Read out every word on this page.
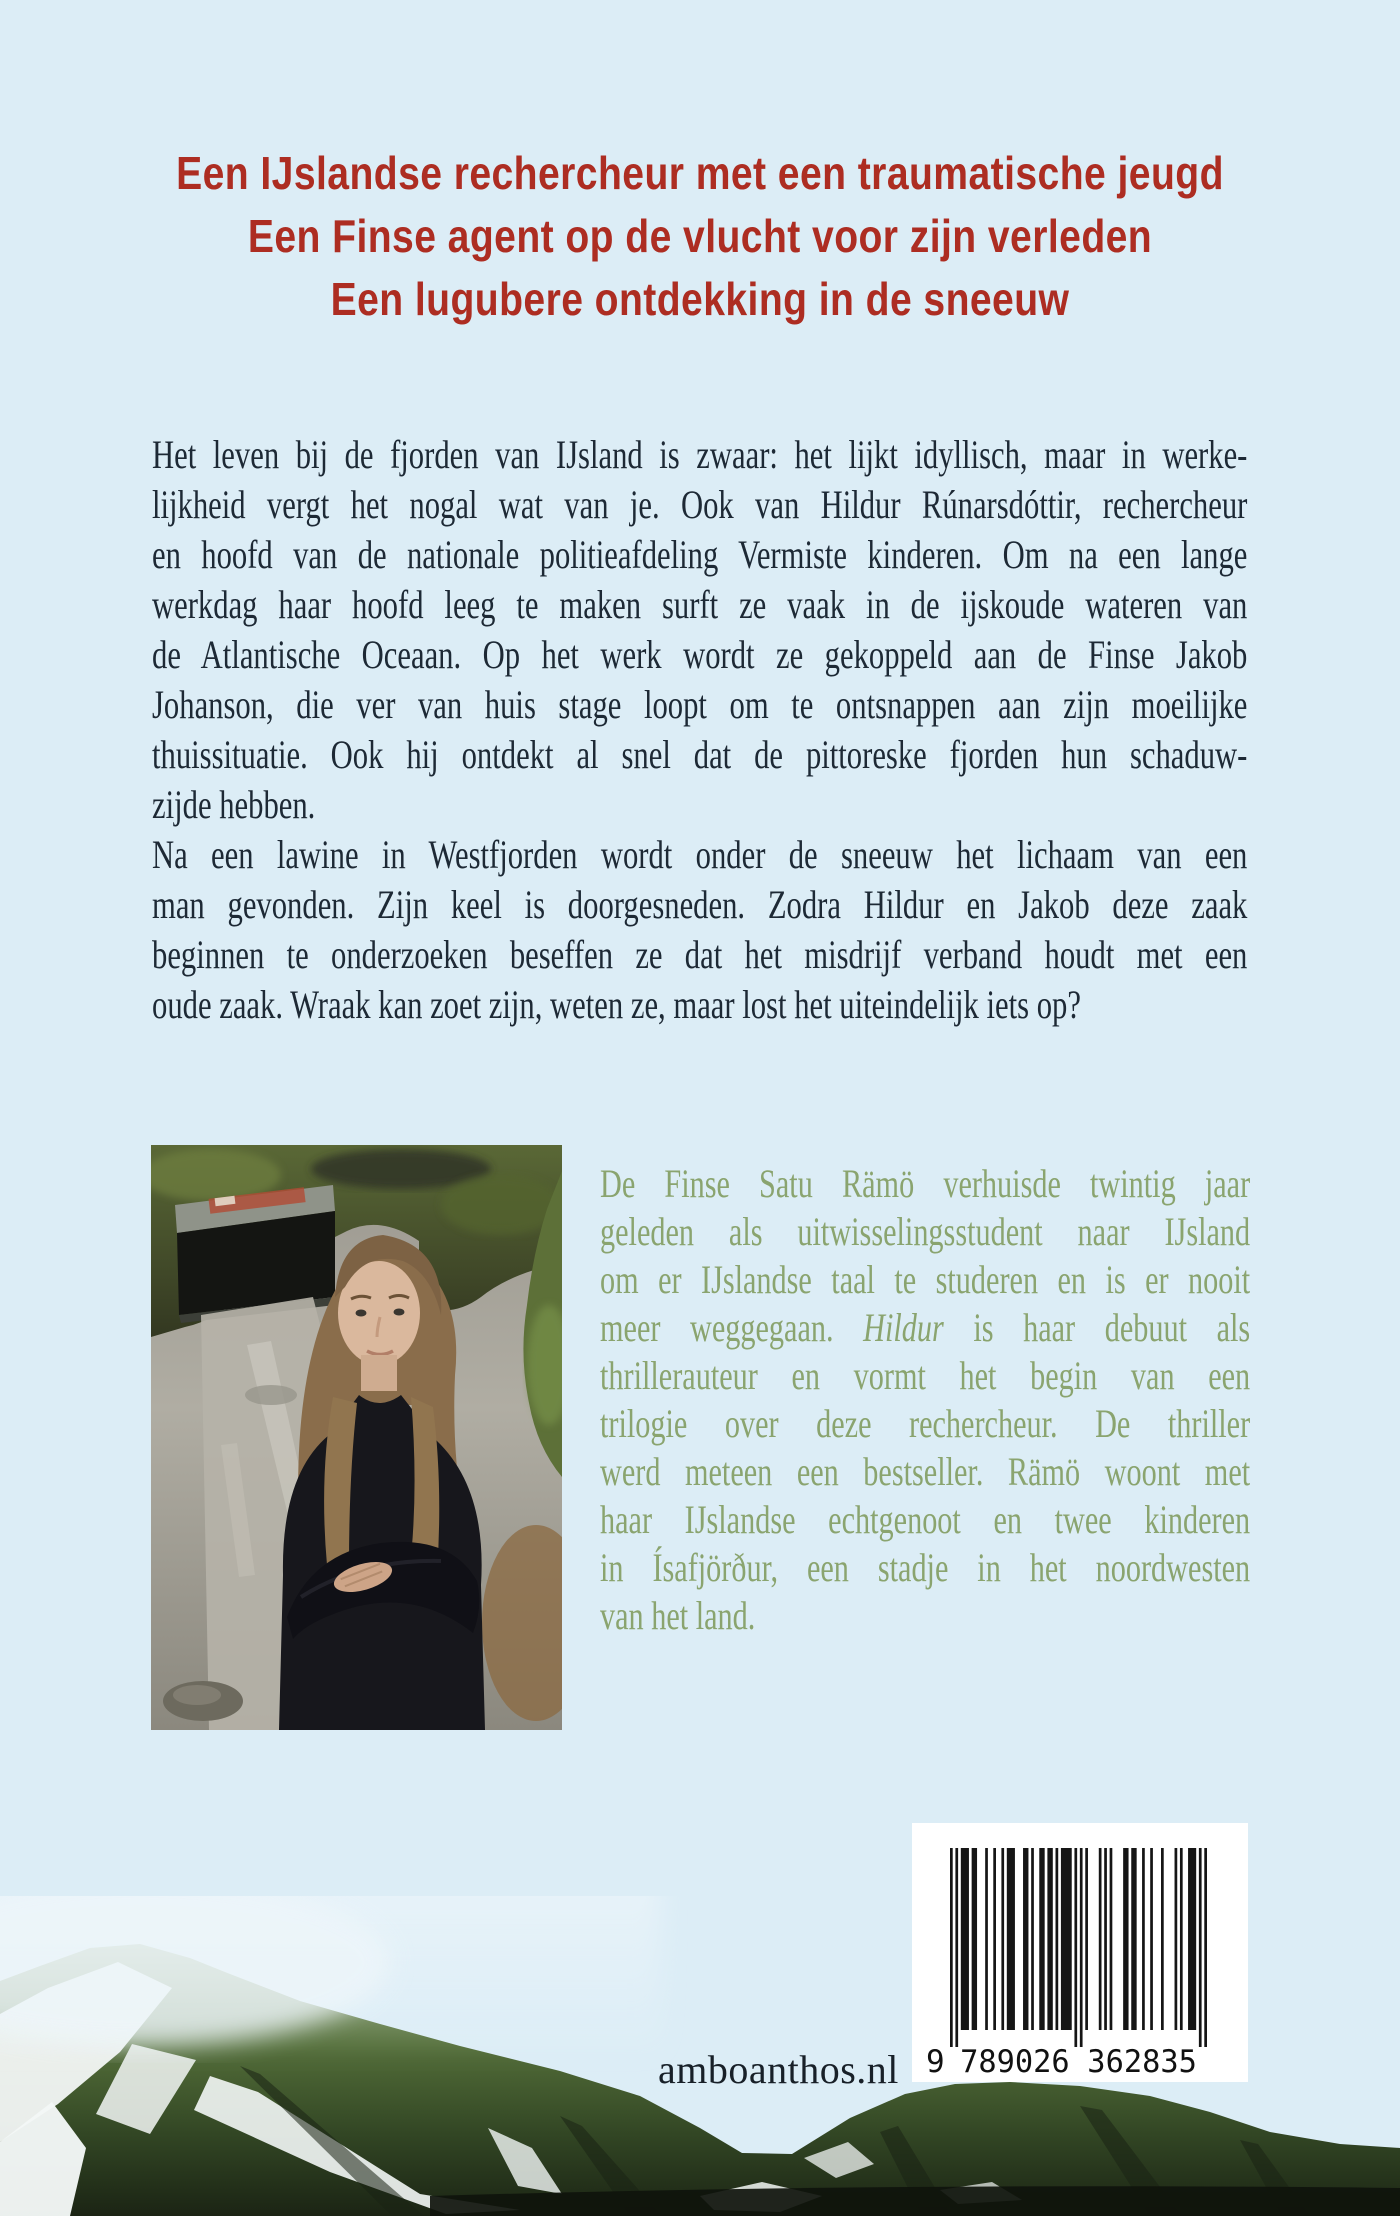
Een IJslandse rechercheur met een traumatische jeugd
Een Finse agent op de vlucht voor zijn verleden
Een lugubere ontdekking in de sneeuw
Het leven bij de fjorden van IJsland is zwaar: het lijkt idyllisch, maar in werke-
lijkheid vergt het nogal wat van je. Ook van Hildur Rúnarsdóttir, rechercheur
en hoofd van de nationale politieafdeling Vermiste kinderen. Om na een lange
werkdag haar hoofd leeg te maken surft ze vaak in de ijskoude wateren van
de Atlantische Oceaan. Op het werk wordt ze gekoppeld aan de Finse Jakob
Johanson, die ver van huis stage loopt om te ontsnappen aan zijn moeilijke
thuissituatie. Ook hij ontdekt al snel dat de pittoreske fjorden hun schaduw-
zijde hebben.
Na een lawine in Westfjorden wordt onder de sneeuw het lichaam van een
man gevonden. Zijn keel is doorgesneden. Zodra Hildur en Jakob deze zaak
beginnen te onderzoeken beseffen ze dat het misdrijf verband houdt met een
oude zaak. Wraak kan zoet zijn, weten ze, maar lost het uiteindelijk iets op?
De Finse Satu Rämö verhuisde twintig jaar
geleden als uitwisselingsstudent naar IJsland
om er IJslandse taal te studeren en is er nooit
meer weggegaan. Hildur is haar debuut als
thrillerauteur en vormt het begin van een
trilogie over deze rechercheur. De thriller
werd meteen een bestseller. Rämö woont met
haar IJslandse echtgenoot en twee kinderen
in Ísafjörður, een stadje in het noordwesten
van het land.
amboanthos.nl 9 789026 362835
